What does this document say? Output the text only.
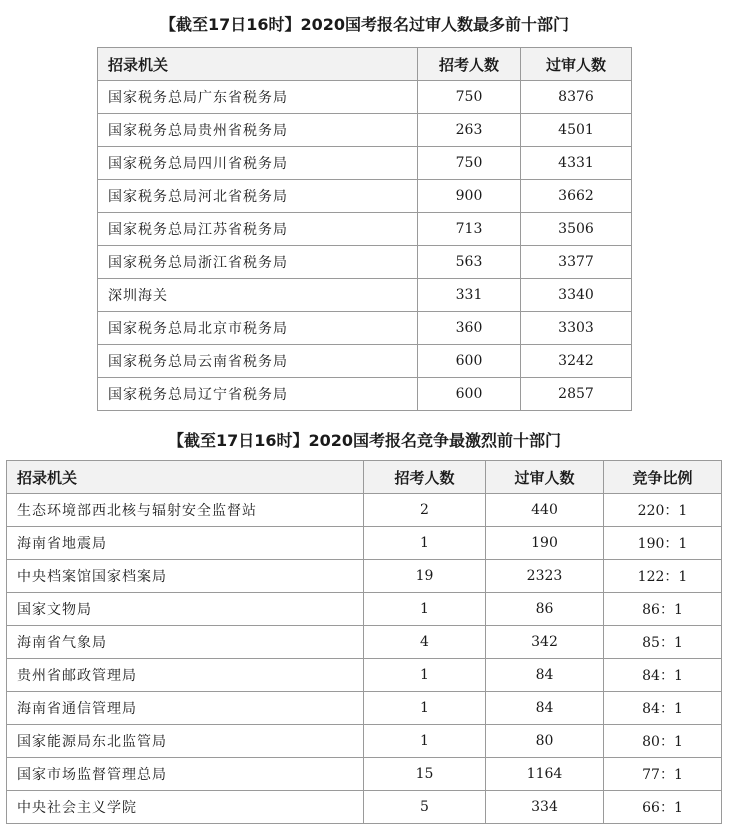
【截至17日16时】2020国考报名过审人数最多前十部门
招录机关	招考人数	过审人数
国家税务总局广东省税务局	750	8376
国家税务总局贵州省税务局	263	4501
国家税务总局四川省税务局	750	4331
国家税务总局河北省税务局	900	3662
国家税务总局江苏省税务局	713	3506
国家税务总局浙江省税务局	563	3377
深圳海关	331	3340
国家税务总局北京市税务局	360	3303
国家税务总局云南省税务局	600	3242
国家税务总局辽宁省税务局	600	2857
【截至17日16时】2020国考报名竞争最激烈前十部门
招录机关	招考人数	过审人数	竞争比例
生态环境部西北核与辐射安全监督站	2	440	220：1
海南省地震局	1	190	190：1
中央档案馆国家档案局	19	2323	122：1
国家文物局	1	86	86：1
海南省气象局	4	342	85：1
贵州省邮政管理局	1	84	84：1
海南省通信管理局	1	84	84：1
国家能源局东北监管局	1	80	80：1
国家市场监督管理总局	15	1164	77：1
中央社会主义学院	5	334	66：1
